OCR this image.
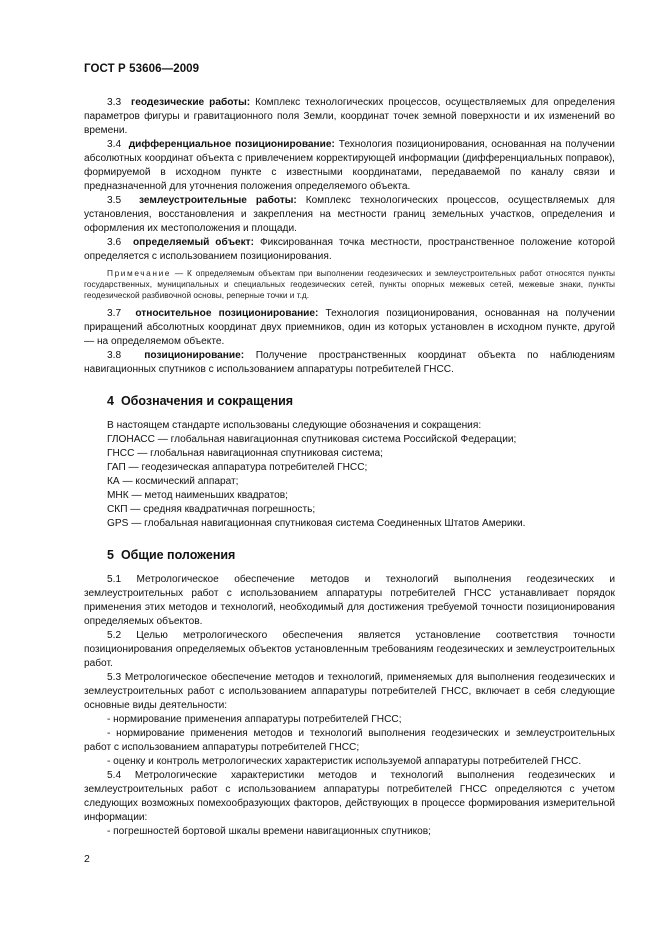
ГОСТ Р 53606—2009

3.3 геодезические работы: Комплекс технологических процессов, осуществляемых для определения параметров фигуры и гравитационного поля Земли, координат точек земной поверхности и их изменений во времени.

3.4 дифференциальное позиционирование: Технология позиционирования, основанная на получении абсолютных координат объекта с привлечением корректирующей информации (дифференциальных поправок), формируемой в исходном пункте с известными координатами, передаваемой по каналу связи и предназначенной для уточнения положения определяемого объекта.

3.5 землеустроительные работы: Комплекс технологических процессов, осуществляемых для установления, восстановления и закрепления на местности границ земельных участков, определения и оформления их местоположения и площади.

3.6 определяемый объект: Фиксированная точка местности, пространственное положение которой определяется с использованием позиционирования.

Примечание — К определяемым объектам при выполнении геодезических и землеустроительных работ относятся пункты государственных, муниципальных и специальных геодезических сетей, пункты опорных межевых сетей, межевые знаки, пункты геодезической разбивочной основы, реперные точки и т.д.

3.7 относительное позиционирование: Технология позиционирования, основанная на получении приращений абсолютных координат двух приемников, один из которых установлен в исходном пункте, другой — на определяемом объекте.

3.8 позиционирование: Получение пространственных координат объекта по наблюдениям навигационных спутников с использованием аппаратуры потребителей ГНСС.

4 Обозначения и сокращения

В настоящем стандарте использованы следующие обозначения и сокращения:

ГЛОНАСС — глобальная навигационная спутниковая система Российской Федерации;

ГНСС — глобальная навигационная спутниковая система;

ГАП — геодезическая аппаратура потребителей ГНСС;

КА — космический аппарат;

МНК — метод наименьших квадратов;

СКП — средняя квадратичная погрешность;

GPS — глобальная навигационная спутниковая система Соединенных Штатов Америки.

5 Общие положения

5.1 Метрологическое обеспечение методов и технологий выполнения геодезических и землеустроительных работ с использованием аппаратуры потребителей ГНСС устанавливает порядок применения этих методов и технологий, необходимый для достижения требуемой точности позиционирования определяемых объектов.

5.2 Целью метрологического обеспечения является установление соответствия точности позиционирования определяемых объектов установленным требованиям геодезических и землеустроительных работ.

5.3 Метрологическое обеспечение методов и технологий, применяемых для выполнения геодезических и землеустроительных работ с использованием аппаратуры потребителей ГНСС, включает в себя следующие основные виды деятельности:

- нормирование применения аппаратуры потребителей ГНСС;

- нормирование применения методов и технологий выполнения геодезических и землеустроительных работ с использованием аппаратуры потребителей ГНСС;

- оценку и контроль метрологических характеристик используемой аппаратуры потребителей ГНСС.

5.4 Метрологические характеристики методов и технологий выполнения геодезических и землеустроительных работ с использованием аппаратуры потребителей ГНСС определяются с учетом следующих возможных помехообразующих факторов, действующих в процессе формирования измерительной информации:

- погрешностей бортовой шкалы времени навигационных спутников;

2
